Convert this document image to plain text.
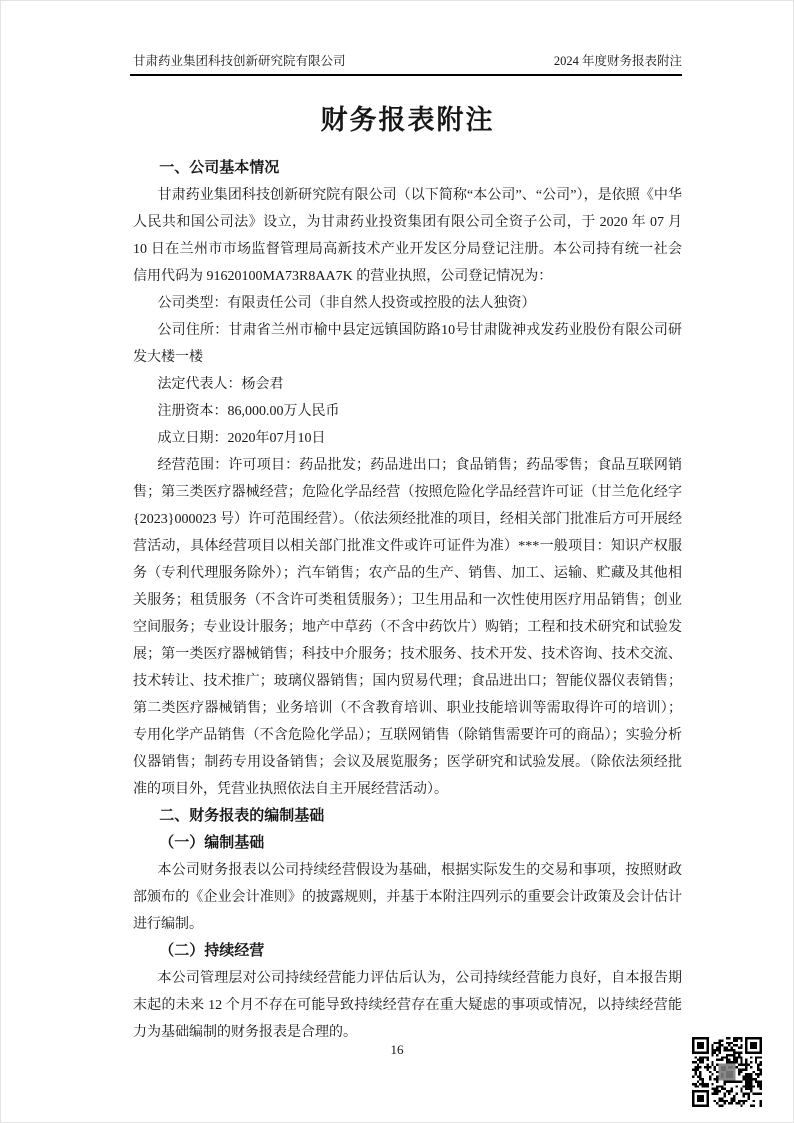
甘肃药业集团科技创新研究院有限公司	2024 年度财务报表附注
财务报表附注
一、公司基本情况

甘肃药业集团科技创新研究院有限公司（以下简称“本公司”、“公司”），是依照《中华人民共和国公司法》设立，为甘肃药业投资集团有限公司全资子公司，于 2020 年 07 月 10 日在兰州市市场监督管理局高新技术产业开发区分局登记注册。本公司持有统一社会信用代码为 91620100MA73R8AA7K 的营业执照，公司登记情况为：

公司类型：有限责任公司（非自然人投资或控股的法人独资）

公司住所：甘肃省兰州市榆中县定远镇国防路10号甘肃陇神戎发药业股份有限公司研发大楼一楼

法定代表人：杨会君

注册资本：86,000.00万人民币

成立日期：2020年07月10日

经营范围：许可项目：药品批发；药品进出口；食品销售；药品零售；食品互联网销售；第三类医疗器械经营；危险化学品经营（按照危险化学品经营许可证（甘兰危化经字{2023}000023 号）许可范围经营）。（依法须经批准的项目，经相关部门批准后方可开展经营活动，具体经营项目以相关部门批准文件或许可证件为准）***一般项目：知识产权服务（专利代理服务除外）；汽车销售；农产品的生产、销售、加工、运输、贮藏及其他相关服务；租赁服务（不含许可类租赁服务）；卫生用品和一次性使用医疗用品销售；创业空间服务；专业设计服务；地产中草药（不含中药饮片）购销；工程和技术研究和试验发展；第一类医疗器械销售；科技中介服务；技术服务、技术开发、技术咨询、技术交流、技术转让、技术推广；玻璃仪器销售；国内贸易代理；食品进出口；智能仪器仪表销售；第二类医疗器械销售；业务培训（不含教育培训、职业技能培训等需取得许可的培训）；专用化学产品销售（不含危险化学品）；互联网销售（除销售需要许可的商品）；实验分析仪器销售；制药专用设备销售；会议及展览服务；医学研究和试验发展。（除依法须经批准的项目外，凭营业执照依法自主开展经营活动）。

二、财务报表的编制基础
（一）编制基础

本公司财务报表以公司持续经营假设为基础，根据实际发生的交易和事项，按照财政部颁布的《企业会计准则》的披露规则，并基于本附注四列示的重要会计政策及会计估计进行编制。

（二）持续经营

本公司管理层对公司持续经营能力评估后认为，公司持续经营能力良好，自本报告期末起的未来 12 个月不存在可能导致持续经营存在重大疑虑的事项或情况，以持续经营能力为基础编制的财务报表是合理的。

16
